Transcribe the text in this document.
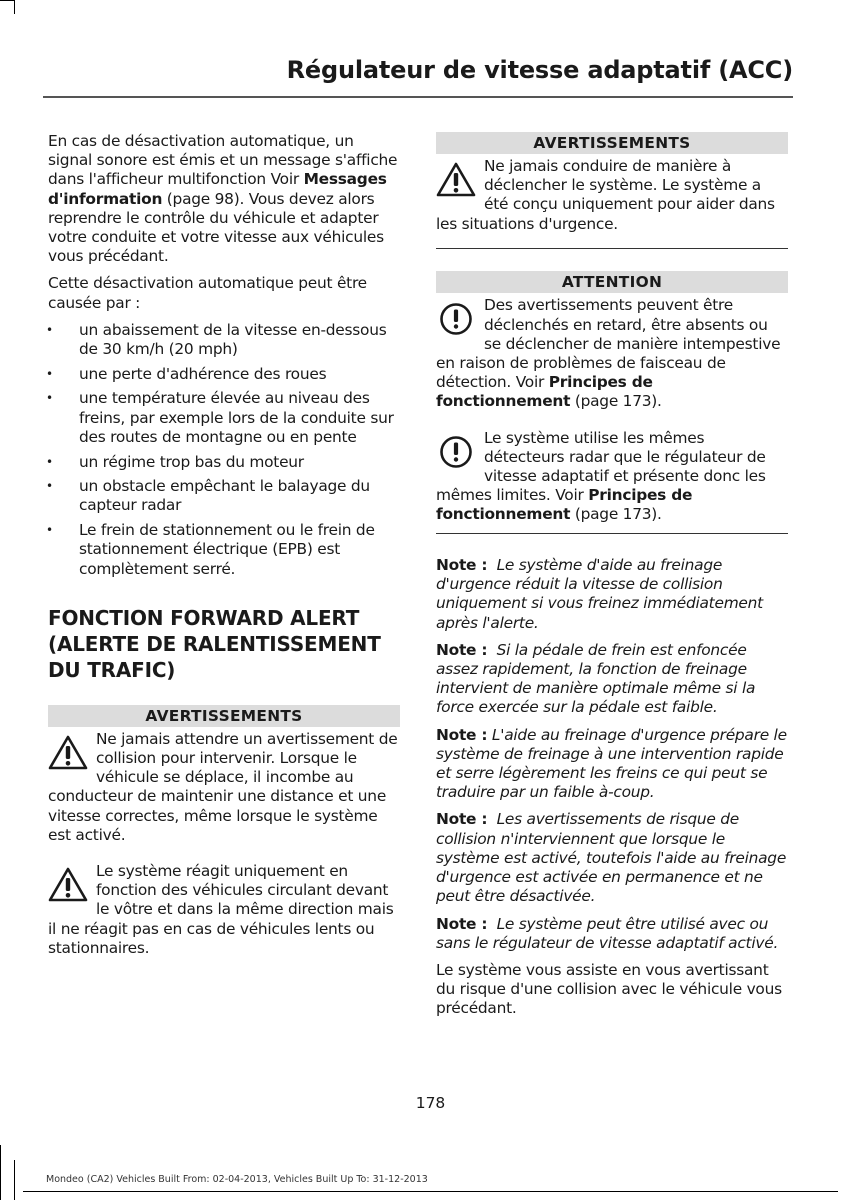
Régulateur de vitesse adaptatif (ACC)

En cas de désactivation automatique, un signal sonore est émis et un message s'affiche dans l'afficheur multifonction Voir Messages d'information (page 98). Vous devez alors reprendre le contrôle du véhicule et adapter votre conduite et votre vitesse aux véhicules vous précédant.

Cette désactivation automatique peut être causée par :

• un abaissement de la vitesse en-dessous de 30 km/h (20 mph)
• une perte d'adhérence des roues
• une température élevée au niveau des freins, par exemple lors de la conduite sur des routes de montagne ou en pente
• un régime trop bas du moteur
• un obstacle empêchant le balayage du capteur radar
• Le frein de stationnement ou le frein de stationnement électrique (EPB) est complètement serré.
FONCTION FORWARD ALERT (ALERTE DE RALENTISSEMENT DU TRAFIC)
AVERTISSEMENTS
Ne jamais attendre un avertissement de collision pour intervenir. Lorsque le véhicule se déplace, il incombe au conducteur de maintenir une distance et une vitesse correctes, même lorsque le système est activé.
Le système réagit uniquement en fonction des véhicules circulant devant le vôtre et dans la même direction mais il ne réagit pas en cas de véhicules lents ou stationnaires.
AVERTISSEMENTS
Ne jamais conduire de manière à déclencher le système. Le système a été conçu uniquement pour aider dans les situations d'urgence.
ATTENTION
Des avertissements peuvent être déclenchés en retard, être absents ou se déclencher de manière intempestive en raison de problèmes de faisceau de détection. Voir Principes de fonctionnement (page 173).
Le système utilise les mêmes détecteurs radar que le régulateur de vitesse adaptatif et présente donc les mêmes limites. Voir Principes de fonctionnement (page 173).

Note : Le système d'aide au freinage d'urgence réduit la vitesse de collision uniquement si vous freinez immédiatement après l'alerte.

Note : Si la pédale de frein est enfoncée assez rapidement, la fonction de freinage intervient de manière optimale même si la force exercée sur la pédale est faible.

Note : L'aide au freinage d'urgence prépare le système de freinage à une intervention rapide et serre légèrement les freins ce qui peut se traduire par un faible à-coup.

Note : Les avertissements de risque de collision n'interviennent que lorsque le système est activé, toutefois l'aide au freinage d'urgence est activée en permanence et ne peut être désactivée.

Note : Le système peut être utilisé avec ou sans le régulateur de vitesse adaptatif activé.

Le système vous assiste en vous avertissant du risque d'une collision avec le véhicule vous précédant.

178
Mondeo (CA2) Vehicles Built From: 02-04-2013, Vehicles Built Up To: 31-12-2013
